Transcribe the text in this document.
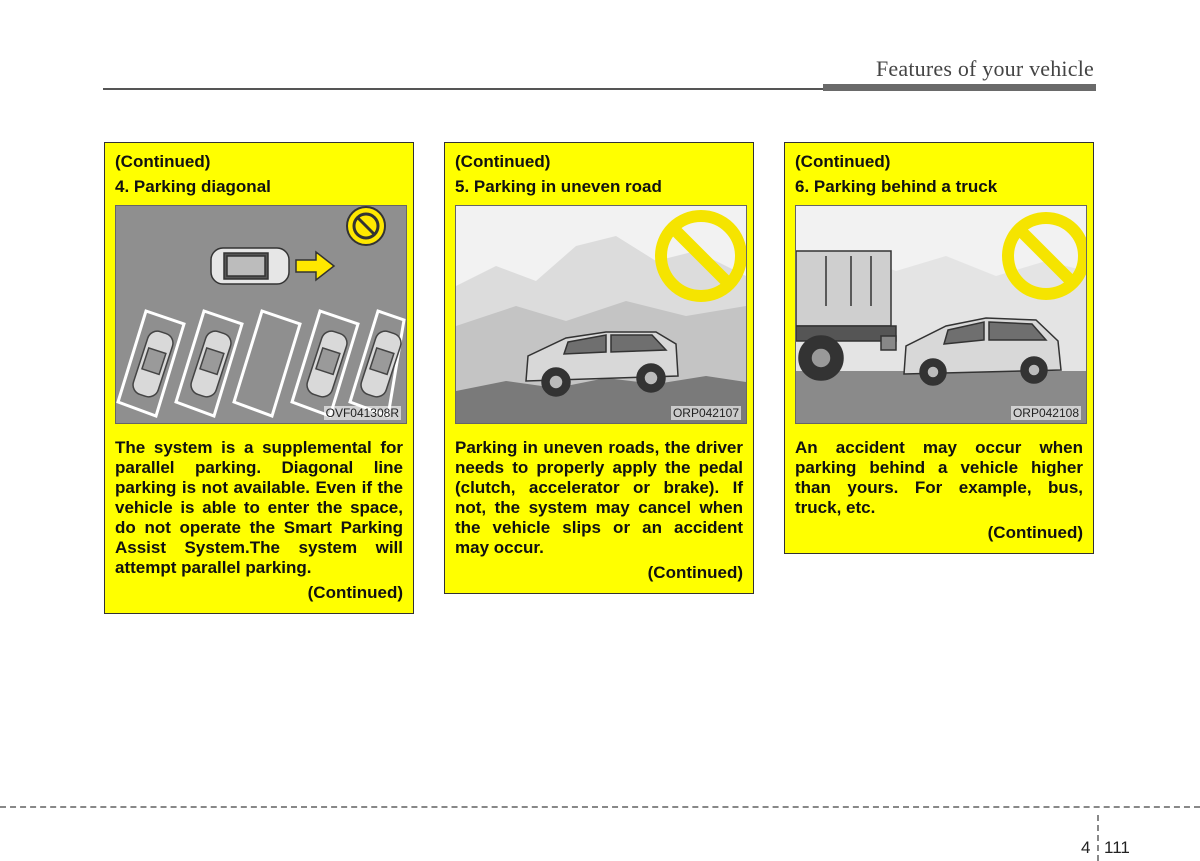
Features of your vehicle
(Continued)
4. Parking diagonal
OVF041308R

The system is a supplemental for parallel parking. Diagonal line parking is not available. Even if the vehicle is able to enter the space, do not operate the Smart Parking Assist System.The system will attempt parallel parking.

(Continued)
(Continued)
5. Parking in uneven road
ORP042107

Parking in uneven roads, the driver needs to properly apply the pedal (clutch, accelerator or brake). If not, the system may cancel when the vehicle slips or an accident may occur.

(Continued)
(Continued)
6. Parking behind a truck
ORP042108

An accident may occur when parking behind a vehicle higher than yours. For example, bus, truck, etc.

(Continued)
4 111
